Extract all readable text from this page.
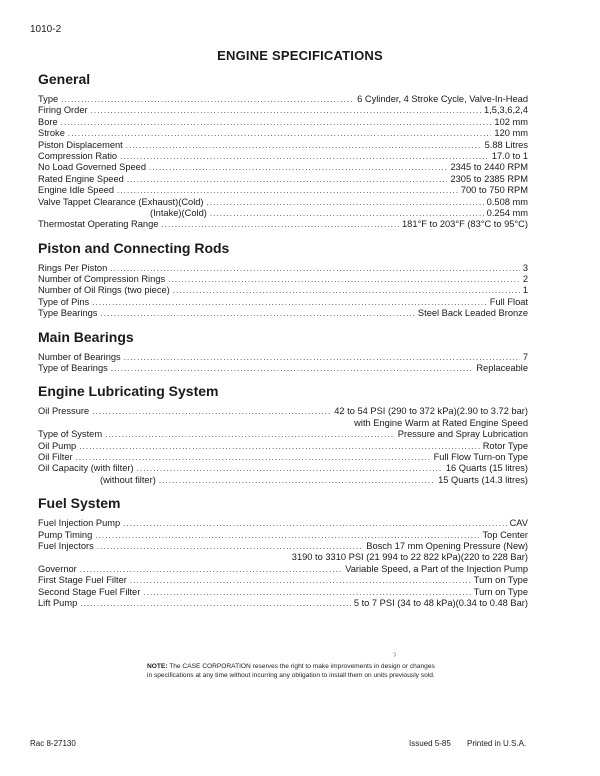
1010-2
ENGINE SPECIFICATIONS
General
Type .....	6 Cylinder, 4 Stroke Cycle, Valve-In-Head
Firing Order .....	1,5,3,6,2,4
Bore .....	102 mm
Stroke .....	120 mm
Piston Displacement .....	5.88 Litres
Compression Ratio .....	17.0 to 1
No Load Governed Speed .....	2345 to 2440 RPM
Rated Engine Speed .....	2305 to 2385 RPM
Engine Idle Speed .....	700 to 750 RPM
Valve Tappet Clearance (Exhaust)(Cold) .....	0.508 mm
(Intake)(Cold) .....	0.254 mm
Thermostat Operating Range .....	181°F to 203°F (83°C to 95°C)
Piston and Connecting Rods
Rings Per Piston .....	3
Number of Compression Rings .....	2
Number of Oil Rings (two piece) .....	1
Type of Pins .....	Full Float
Type Bearings .....	Steel Back Leaded Bronze
Main Bearings
Number of Bearings .....	7
Type of Bearings .....	Replaceable
Engine Lubricating System
Oil Pressure .....	42 to 54 PSI (290 to 372 kPa)(2.90 to 3.72 bar)
with Engine Warm at Rated Engine Speed
Type of System .....	Pressure and Spray Lubrication
Oil Pump .....	Rotor Type
Oil Filter .....	Full Flow Turn-on Type
Oil Capacity (with filter) .....	16 Quarts (15 litres)
(without filter) .....	15 Quarts (14.3 litres)
Fuel System
Fuel Injection Pump .....	CAV
Pump Timing .....	Top Center
Fuel Injectors .....	Bosch 17 mm Opening Pressure (New)
3190 to 3310 PSI (21 994 to 22 822 kPa)(220 to 228 Bar)
Governor .....	Variable Speed, a Part of the Injection Pump
First Stage Fuel Filter .....	Turn on Type
Second Stage Fuel Filter .....	Turn on Type
Lift Pump .....	5 to 7 PSI (34 to 48 kPa)(0.34 to 0.48 Bar)
NOTE: The CASE CORPORATION reserves the right to make improvements in design or changes in specifications at any time without incurring any obligation to install them on units previously sold.
ˀ
Rac 8-27130	Issued 5-85 Printed in U.S.A.
